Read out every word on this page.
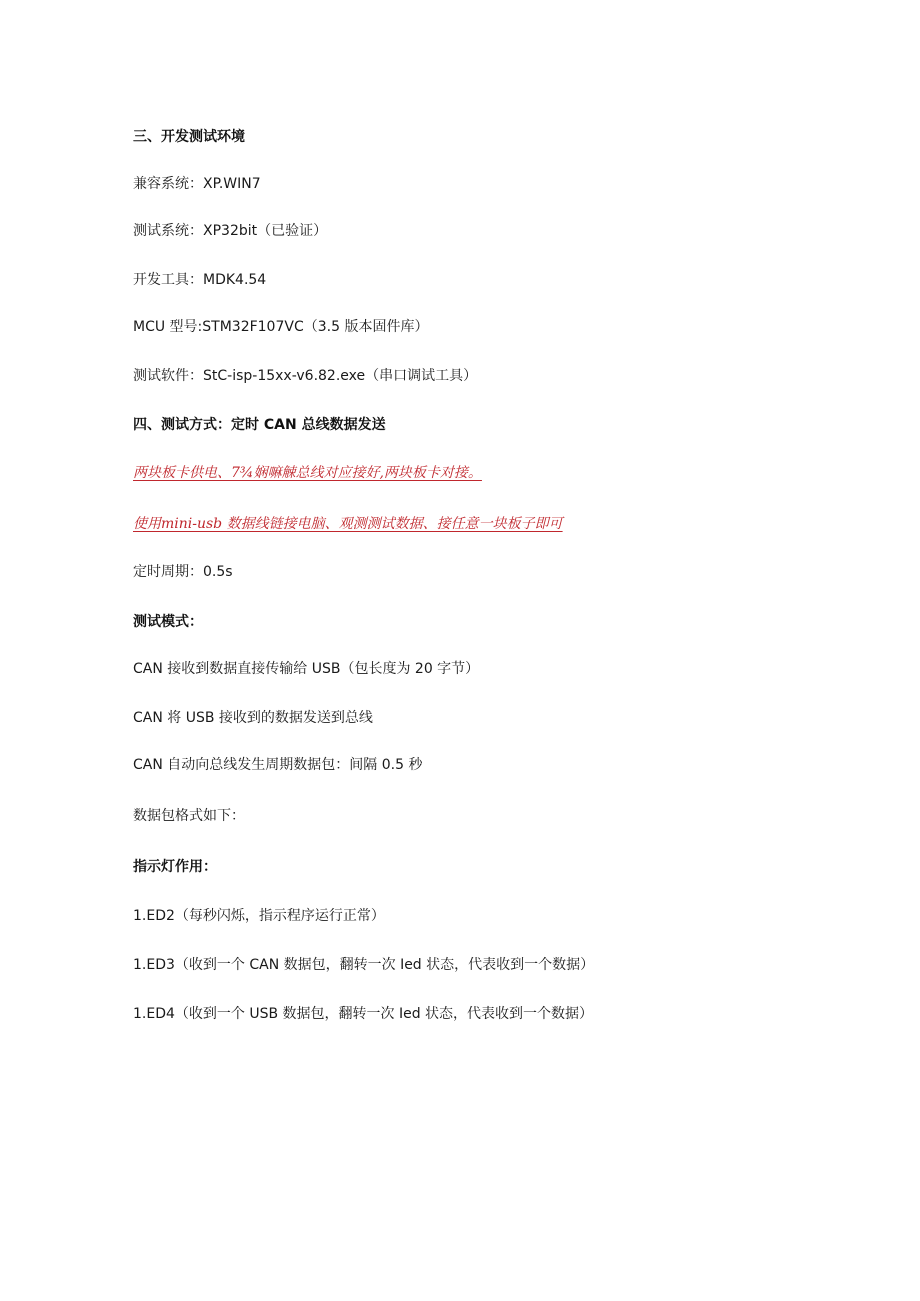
三、开发测试环境

兼容系统：XP.WIN7

测试系统：XP32bit（已验证）

开发工具：MDK4.54

MCU 型号:STM32F107VC（3.5 版本固件库）

测试软件：StC-isp-15xx-v6.82.exe（串口调试工具）

四、测试方式：定时 CAN 总线数据发送

两块板卡供电、7¾娴嘛觫总线对应接好,两块板卡对接。

使用mini-usb 数据线链接电脑、观测测试数据、接任意一块板子即可

定时周期：0.5s

测试模式：

CAN 接收到数据直接传输给 USB（包长度为 20 字节）

CAN 将 USB 接收到的数据发送到总线

CAN 自动向总线发生周期数据包：间隔 0.5 秒

数据包格式如下：

指示灯作用：

1.ED2（每秒闪烁，指示程序运行正常）

1.ED3（收到一个 CAN 数据包，翻转一次 Ied 状态，代表收到一个数据）

1.ED4（收到一个 USB 数据包，翻转一次 Ied 状态，代表收到一个数据）
